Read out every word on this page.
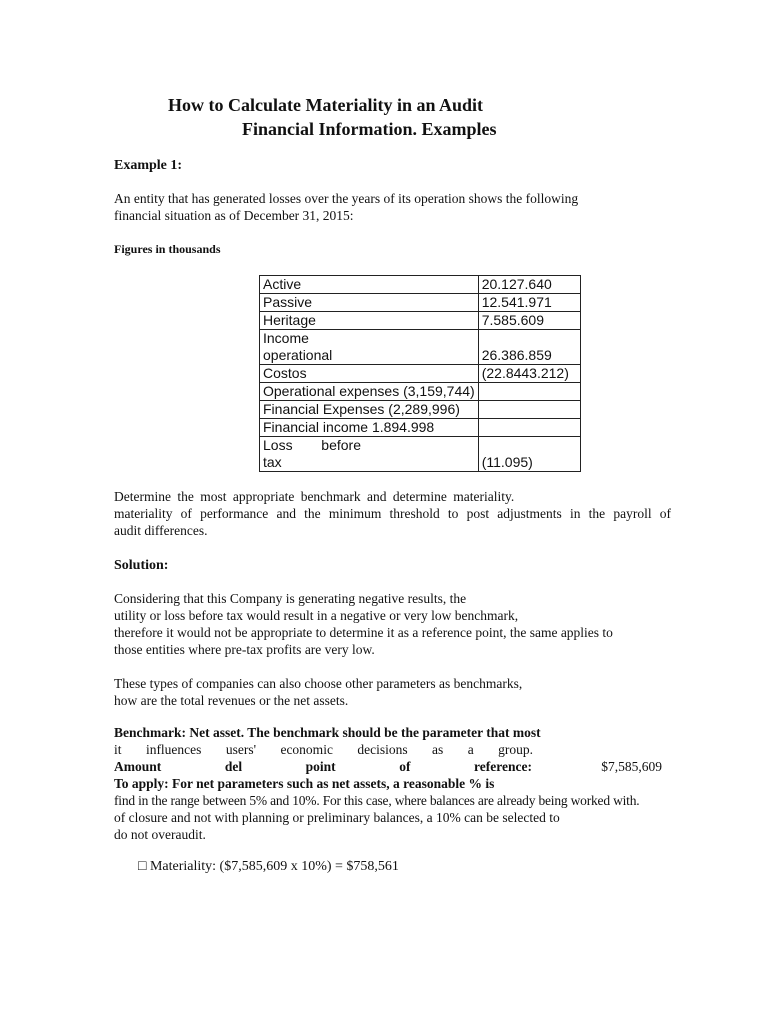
How to Calculate Materiality in an Audit
Financial Information. Examples
Example 1:
An entity that has generated losses over the years of its operation shows the following
financial situation as of December 31, 2015:
Figures in thousands
Active	20.127.640
Passive	12.541.971
Heritage	7.585.609

Income
operational	26.386.859
Costos	(22.8443.212)
Operational expenses (3,159,744)	
Financial Expenses (2,289,996)	
Financial income 1.894.998	

Loss before
tax	(11.095)
Determine the most appropriate benchmark and determine materiality.
materiality of performance and the minimum threshold to post adjustments in the payroll of
audit differences.
Solution:
Considering that this Company is generating negative results, the
utility or loss before tax would result in a negative or very low benchmark,
therefore it would not be appropriate to determine it as a reference point, the same applies to
those entities where pre-tax profits are very low.
These types of companies can also choose other parameters as benchmarks,
how are the total revenues or the net assets.
Benchmark: Net asset. The benchmark should be the parameter that most
it influences users' economic decisions as a group.
Amount	del	point	of	reference:	$7,585,609
To apply: For net parameters such as net assets, a reasonable % is
find in the range between 5% and 10%. For this case, where balances are already being worked with.
of closure and not with planning or preliminary balances, a 10% can be selected to
do not overaudit.
□ Materiality: ($7,585,609 x 10%) = $758,561
